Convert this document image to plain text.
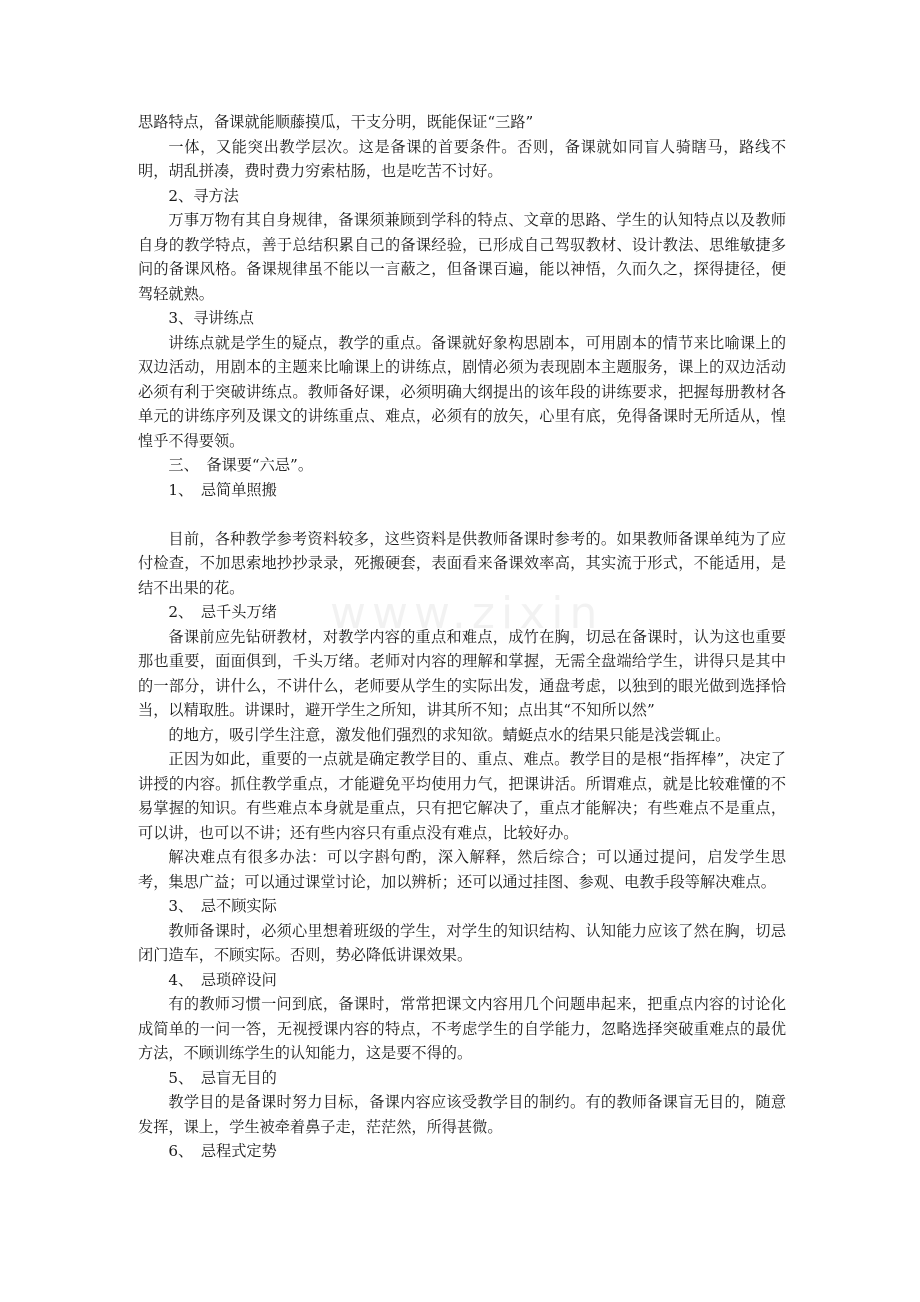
www.zixin

思路特点，备课就能顺藤摸瓜，干支分明，既能保证“三路”

一体，又能突出教学层次。这是备课的首要条件。否则，备课就如同盲人骑瞎马，路线不明，胡乱拼凑，费时费力穷索枯肠，也是吃苦不讨好。

2、寻方法

万事万物有其自身规律，备课须兼顾到学科的特点、文章的思路、学生的认知特点以及教师自身的教学特点，善于总结积累自己的备课经验，已形成自己驾驭教材、设计教法、思维敏捷多问的备课风格。备课规律虽不能以一言蔽之，但备课百遍，能以神悟，久而久之，探得捷径，便驾轻就熟。

3、寻讲练点

讲练点就是学生的疑点，教学的重点。备课就好象构思剧本，可用剧本的情节来比喻课上的双边活动，用剧本的主题来比喻课上的讲练点，剧情必须为表现剧本主题服务，课上的双边活动必须有利于突破讲练点。教师备好课，必须明确大纲提出的该年段的讲练要求，把握每册教材各单元的讲练序列及课文的讲练重点、难点，必须有的放矢，心里有底，免得备课时无所适从，惶惶乎不得要领。

三、　备课要“六忌”。

1、　忌简单照搬

目前，各种教学参考资料较多，这些资料是供教师备课时参考的。如果教师备课单纯为了应付检查，不加思索地抄抄录录，死搬硬套，表面看来备课效率高，其实流于形式，不能适用，是结不出果的花。

2、　忌千头万绪

备课前应先钻研教材，对教学内容的重点和难点，成竹在胸，切忌在备课时，认为这也重要那也重要，面面俱到，千头万绪。老师对内容的理解和掌握，无需全盘端给学生，讲得只是其中的一部分，讲什么，不讲什么，老师要从学生的实际出发，通盘考虑，以独到的眼光做到选择恰当，以精取胜。讲课时，避开学生之所知，讲其所不知；点出其“不知所以然”

的地方，吸引学生注意，激发他们强烈的求知欲。蜻蜓点水的结果只能是浅尝辄止。

正因为如此，重要的一点就是确定教学目的、重点、难点。教学目的是根“指挥棒”，决定了讲授的内容。抓住教学重点，才能避免平均使用力气，把课讲活。所谓难点，就是比较难懂的不易掌握的知识。有些难点本身就是重点，只有把它解决了，重点才能解决；有些难点不是重点，可以讲，也可以不讲；还有些内容只有重点没有难点，比较好办。

解决难点有很多办法：可以字斟句酌，深入解释，然后综合；可以通过提问，启发学生思考，集思广益；可以通过课堂讨论，加以辨析；还可以通过挂图、参观、电教手段等解决难点。

3、　忌不顾实际

教师备课时，必须心里想着班级的学生，对学生的知识结构、认知能力应该了然在胸，切忌闭门造车，不顾实际。否则，势必降低讲课效果。

4、　忌琐碎设问

有的教师习惯一问到底，备课时，常常把课文内容用几个问题串起来，把重点内容的讨论化成简单的一问一答，无视授课内容的特点，不考虑学生的自学能力，忽略选择突破重难点的最优方法，不顾训练学生的认知能力，这是要不得的。

5、　忌盲无目的

教学目的是备课时努力目标，备课内容应该受教学目的制约。有的教师备课盲无目的，随意发挥，课上，学生被牵着鼻子走，茫茫然，所得甚微。

6、　忌程式定势
